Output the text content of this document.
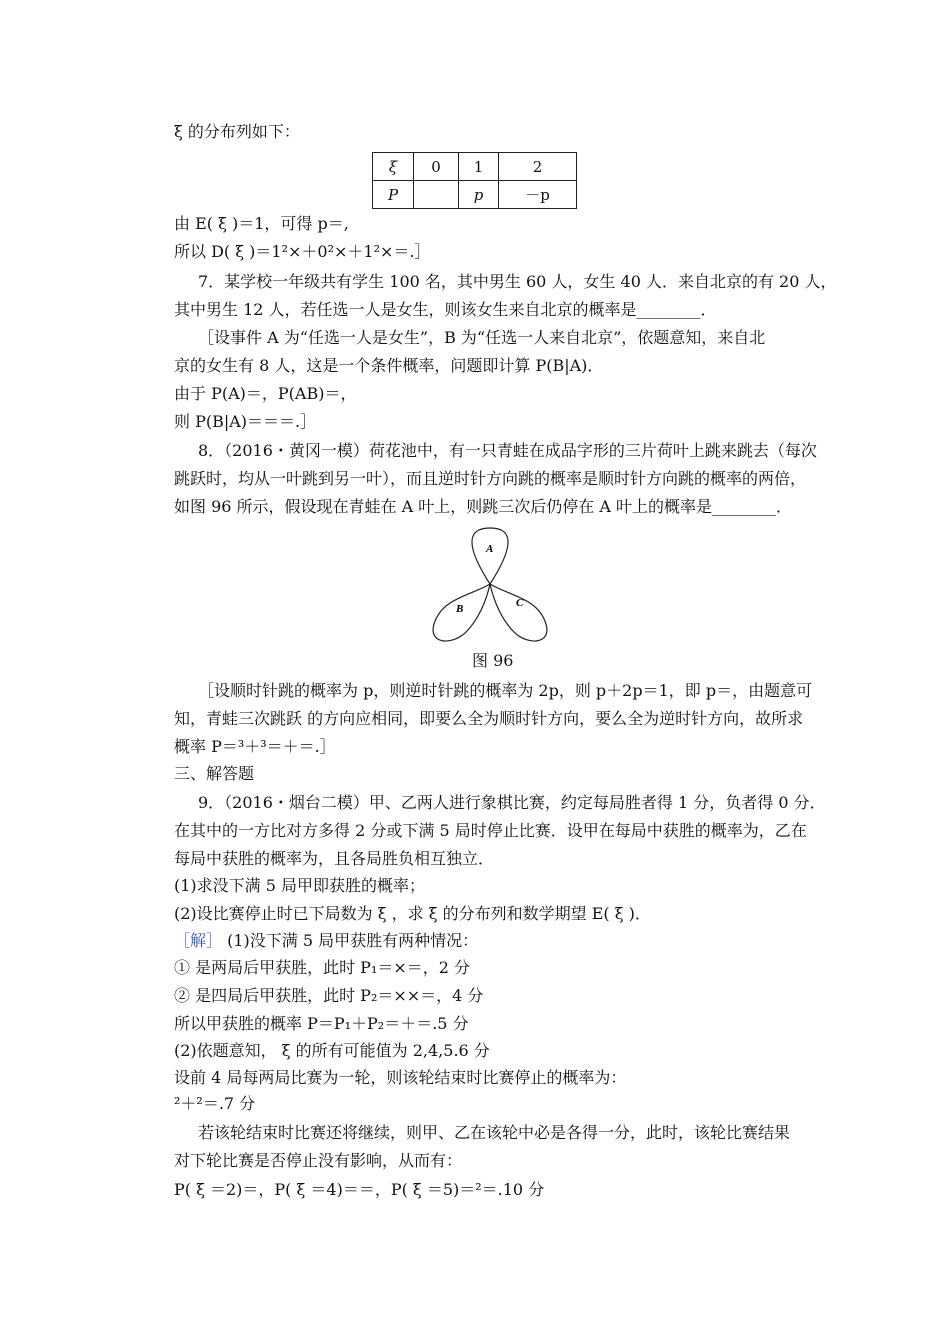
ξ 的分布列如下：
ξ	0	1	2
P		p	－p
由 E( ξ )＝1，可得 p＝,
所以 D( ξ )＝1²×＋0²×＋1²×＝.］
7．某学校一年级共有学生 100 名，其中男生 60 人，女生 40 人．来自北京的有 20 人，
其中男生 12 人，若任选一人是女生，则该女生来自北京的概率是________．
［设事件 A 为“任选一人是女生”，B 为“任选一人来自北京”，依题意知，来自北
京的女生有 8 人，这是一个条件概率，问题即计算 P(B|A)．
由于 P(A)＝，P(AB)＝，
则 P(B|A)＝＝＝.］
8．（2016・黄冈一模）荷花池中，有一只青蛙在成品字形的三片荷叶上跳来跳去（每次
跳跃时，均从一叶跳到另一叶），而且逆时针方向跳的概率是顺时针方向跳的概率的两倍，
如图 96 所示，假设现在青蛙在 A 叶上，则跳三次后仍停在 A 叶上的概率是________．
A
B	C
图 96
［设顺时针跳的概率为 p，则逆时针跳的概率为 2p，则 p＋2p＝1，即 p＝，由题意可
知，青蛙三次跳跃 的方向应相同，即要么全为顺时针方向，要么全为逆时针方向，故所求
概率 P＝³＋³＝＋＝.］
三、解答题
9．（2016・烟台二模）甲、乙两人进行象棋比赛，约定每局胜者得 1 分，负者得 0 分．
在其中的一方比对方多得 2 分或下满 5 局时停止比赛．设甲在每局中获胜的概率为，乙在
每局中获胜的概率为，且各局胜负相互独立．
(1)求没下满 5 局甲即获胜的概率；
(2)设比赛停止时已下局数为 ξ ，求 ξ 的分布列和数学期望 E( ξ )．
［解］ (1)没下满 5 局甲获胜有两种情况：
① 是两局后甲获胜，此时 P₁＝×＝，2 分
② 是四局后甲获胜，此时 P₂＝××＝，4 分
所以甲获胜的概率 P＝P₁＋P₂＝＋＝.5 分
(2)依题意知， ξ 的所有可能值为 2,4,5.6 分
设前 4 局每两局比赛为一轮，则该轮结束时比赛停止的概率为：
²＋²＝.7 分
若该轮结束时比赛还将继续，则甲、乙在该轮中必是各得一分，此时，该轮比赛结果
对下轮比赛是否停止没有影响，从而有：
P( ξ ＝2)＝，P( ξ ＝4)＝＝，P( ξ ＝5)＝²＝.10 分
